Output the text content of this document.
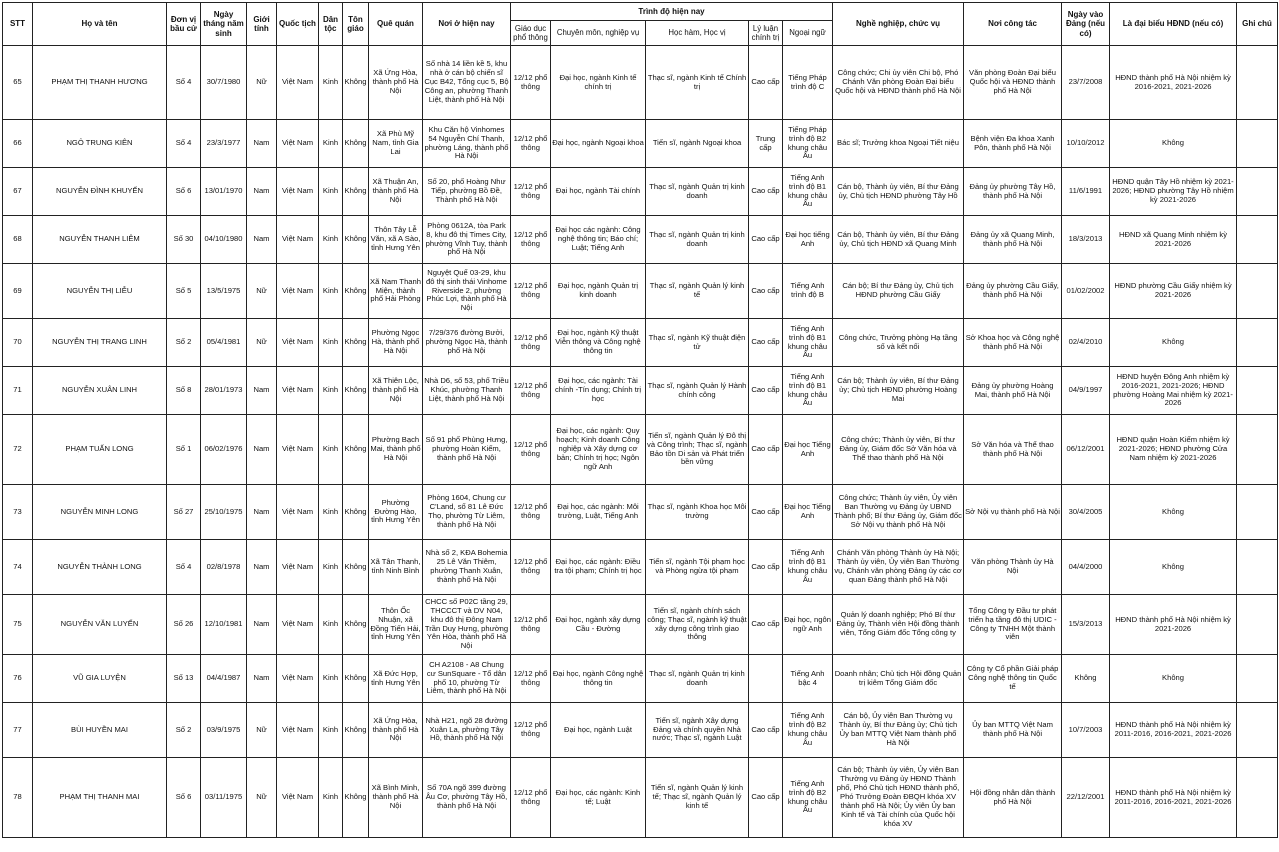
STT	Họ và tên	Đơn vị bầu cử	Ngày tháng năm sinh	Giới tính	Quốc tịch	Dân tộc	Tôn giáo	Quê quán	Nơi ở hiện nay	Trình độ hiện nay					Nghề nghiệp, chức vụ	Nơi công tác	Ngày vào Đảng (nếu có)	Là đại biểu HĐND (nếu có)	Ghi chú
										Giáo dục phổ thông	Chuyên môn, nghiệp vụ	Học hàm, Học vị	Lý luận chính trị	Ngoại ngữ					
65	PHẠM THỊ THANH HƯƠNG	Số 4	30/7/1980	Nữ	Việt Nam	Kinh	Không	Xã Ứng Hòa, thành phố Hà Nội	Số nhà 14 liền kề 5, khu nhà ở cán bộ chiến sĩ Cục B42, Tổng cục 5, Bộ Công an, phường Thanh Liệt, thành phố Hà Nội	12/12 phổ thông	Đại học, ngành Kinh tế chính trị	Thạc sĩ, ngành Kinh tế Chính trị	Cao cấp	Tiếng Pháp trình độ C	Công chức; Chi ủy viên Chi bộ, Phó Chánh Văn phòng Đoàn Đại biểu Quốc hội và HĐND thành phố Hà Nội	Văn phòng Đoàn Đại biểu Quốc hội và HĐND thành phố Hà Nội	23/7/2008	HĐND thành phố Hà Nội nhiệm kỳ 2016-2021, 2021-2026	
66	NGÔ TRUNG KIÊN	Số 4	23/3/1977	Nam	Việt Nam	Kinh	Không	Xã Phù Mỹ Nam, tỉnh Gia Lai	Khu Căn hộ Vinhomes 54 Nguyễn Chí Thanh, phường Láng, thành phố Hà Nội	12/12 phổ thông	Đại học, ngành Ngoại khoa	Tiến sĩ, ngành Ngoại khoa	Trung cấp	Tiếng Pháp trình độ B2 khung châu Âu	Bác sĩ; Trưởng khoa Ngoại Tiết niệu	Bệnh viện Đa khoa Xanh Pôn, thành phố Hà Nội	10/10/2012	Không	
67	NGUYỄN ĐÌNH KHUYẾN	Số 6	13/01/1970	Nam	Việt Nam	Kinh	Không	Xã Thuận An, thành phố Hà Nội	Số 20, phố Hoàng Như Tiếp, phường Bồ Đề, Thành phố Hà Nội	12/12 phổ thông	Đại học, ngành Tài chính	Thạc sĩ, ngành Quản trị kinh doanh	Cao cấp	Tiếng Anh trình độ B1 khung châu Âu	Cán bộ, Thành ủy viên, Bí thư Đảng ủy, Chủ tịch HĐND phường Tây Hồ	Đảng ủy phường Tây Hồ, thành phố Hà Nội	11/6/1991	HĐND quận Tây Hồ nhiệm kỳ 2021-2026; HĐND phường Tây Hồ nhiệm kỳ 2021-2026	
68	NGUYỄN THANH LIÊM	Số 30	04/10/1980	Nam	Việt Nam	Kinh	Không	Thôn Tây Lễ Văn, xã A Sào, tỉnh Hưng Yên	Phòng 0612A, tòa Park 8, khu đô thị Times City, phường Vĩnh Tuy, thành phố Hà Nội	12/12 phổ thông	Đại học các ngành: Công nghệ thông tin; Báo chí; Luật; Tiếng Anh	Thạc sĩ, ngành Quản trị kinh doanh	Cao cấp	Đại học tiếng Anh	Cán bộ, Thành ủy viên, Bí thư Đảng ủy, Chủ tịch HĐND xã Quang Minh	Đảng ủy xã Quang Minh, thành phố Hà Nội	18/3/2013	HĐND xã Quang Minh nhiệm kỳ 2021-2026	
69	NGUYỄN THỊ LIỄU	Số 5	13/5/1975	Nữ	Việt Nam	Kinh	Không	Xã Nam Thanh Miện, thành phố Hải Phòng	Nguyệt Quế 03-29, khu đô thị sinh thái Vinhome Riverside 2, phường Phúc Lợi, thành phố Hà Nội	12/12 phổ thông	Đại học, ngành Quản trị kinh doanh	Thạc sĩ, ngành Quản lý kinh tế	Cao cấp	Tiếng Anh trình độ B	Cán bộ; Bí thư Đảng ủy, Chủ tịch HĐND phường Cầu Giấy	Đảng ủy phường Cầu Giấy, thành phố Hà Nội	01/02/2002	HĐND phường Cầu Giấy nhiệm kỳ 2021-2026	
70	NGUYỄN THỊ TRANG LINH	Số 2	05/4/1981	Nữ	Việt Nam	Kinh	Không	Phường Ngọc Hà, thành phố Hà Nội	7/29/376 đường Bưởi, phường Ngọc Hà, thành phố Hà Nội	12/12 phổ thông	Đại học, ngành Kỹ thuật Viễn thông và Công nghệ thông tin	Thạc sĩ, ngành Kỹ thuật điện tử	Cao cấp	Tiếng Anh trình độ B1 khung châu Âu	Công chức, Trưởng phòng Hạ tầng số và kết nối	Sở Khoa học và Công nghệ thành phố Hà Nội	02/4/2010	Không	
71	NGUYỄN XUÂN LINH	Số 8	28/01/1973	Nam	Việt Nam	Kinh	Không	Xã Thiên Lộc, thành phố Hà Nội	Nhà D6, số 53, phố Triều Khúc, phường Thanh Liệt, thành phố Hà Nội	12/12 phổ thông	Đại học, các ngành: Tài chính -Tín dụng; Chính trị học	Thạc sĩ, ngành Quản lý Hành chính công	Cao cấp	Tiếng Anh trình độ B1 khung châu Âu	Cán bộ; Thành ủy viên, Bí thư Đảng ủy; Chủ tịch HĐND phường Hoàng Mai	Đảng ủy phường Hoàng Mai, thành phố Hà Nội	04/9/1997	HĐND huyện Đông Anh nhiệm kỳ 2016-2021, 2021-2026; HĐND phường Hoàng Mai nhiệm kỳ 2021-2026	
72	PHẠM TUẤN LONG	Số 1	06/02/1976	Nam	Việt Nam	Kinh	Không	Phường Bạch Mai, thành phố Hà Nội	Số 91 phố Phùng Hưng, phường Hoàn Kiếm, thành phố Hà Nội	12/12 phổ thông	Đại học, các ngành: Quy hoạch; Kinh doanh Công nghiệp và Xây dựng cơ bản; Chính trị học; Ngôn ngữ Anh	Tiến sĩ, ngành Quản lý Đô thị và Công trình; Thạc sĩ, ngành Bảo tồn Di sản và Phát triển bền vững	Cao cấp	Đại học Tiếng Anh	Công chức; Thành ủy viên, Bí thư Đảng ủy, Giám đốc Sở Văn hóa và Thể thao thành phố Hà Nội	Sở Văn hóa và Thể thao thành phố Hà Nội	06/12/2001	HĐND quận Hoàn Kiếm nhiệm kỳ 2021-2026; HĐND phường Cửa Nam nhiệm kỳ 2021-2026	
73	NGUYỄN MINH LONG	Số 27	25/10/1975	Nam	Việt Nam	Kinh	Không	Phường Đường Hào, tỉnh Hưng Yên	Phòng 1604, Chung cư C'Land, số 81 Lê Đức Thọ, phường Từ Liêm, thành phố Hà Nội	12/12 phổ thông	Đại học, các ngành: Môi trường, Luật, Tiếng Anh	Thạc sĩ, ngành Khoa học Môi trường	Cao cấp	Đại học Tiếng Anh	Công chức; Thành ủy viên, Ủy viên Ban Thường vụ Đảng ủy UBND Thành phố; Bí thư Đảng ủy, Giám đốc Sở Nội vụ thành phố Hà Nội	Sở Nội vụ thành phố Hà Nội	30/4/2005	Không	
74	NGUYỄN THÀNH LONG	Số 4	02/8/1978	Nam	Việt Nam	Kinh	Không	Xã Tân Thanh, tỉnh Ninh Bình	Nhà số 2, KĐA Bohemia 25 Lê Văn Thiêm, phường Thanh Xuân, thành phố Hà Nội	12/12 phổ thông	Đại học, các ngành: Điều tra tội phạm; Chính trị học	Tiến sĩ, ngành Tội phạm học và Phòng ngừa tội phạm	Cao cấp	Tiếng Anh trình độ B1 khung châu Âu	Chánh Văn phòng Thành ủy Hà Nội; Thành ủy viên, Ủy viên Ban Thường vụ, Chánh văn phòng Đảng ủy các cơ quan Đảng thành phố Hà Nội	Văn phòng Thành ủy Hà Nội	04/4/2000	Không	
75	NGUYỄN VĂN LUYẾN	Số 26	12/10/1981	Nam	Việt Nam	Kinh	Không	Thôn Ốc Nhuận, xã Đồng Tiến Hải, tỉnh Hưng Yên	CHCC số P02C tầng 29, THCCCT và DV N04, khu đô thị Đông Nam Trần Duy Hưng, phường Yên Hòa, thành phố Hà Nội	12/12 phổ thông	Đại học, ngành xây dựng Cầu - Đường	Tiến sĩ, ngành chính sách công; Thạc sĩ, ngành kỹ thuật xây dựng công trình giao thông	Cao cấp	Đại học, ngôn ngữ Anh	Quản lý doanh nghiệp; Phó Bí thư Đảng ủy, Thành viên Hội đồng thành viên, Tổng Giám đốc Tổng công ty	Tổng Công ty Đầu tư phát triển hạ tầng đô thị UDIC - Công ty TNHH Một thành viên	15/3/2013	HĐND thành phố Hà Nội nhiệm kỳ 2021-2026	
76	VŨ GIA LUYỆN	Số 13	04/4/1987	Nam	Việt Nam	Kinh	Không	Xã Đức Hợp, tỉnh Hưng Yên	CH A2108 - A8 Chung cư SunSquare - Tổ dân phố 10, phường Từ Liêm, thành phố Hà Nội	12/12 phổ thông	Đại học, ngành Công nghệ thông tin	Thạc sĩ, ngành Quản trị kinh doanh		Tiếng Anh bậc 4	Doanh nhân; Chủ tịch Hội đồng Quản trị kiêm Tổng Giám đốc	Công ty Cổ phần Giải pháp Công nghệ thông tin Quốc tế	Không	Không	
77	BÙI HUYỀN MAI	Số 2	03/9/1975	Nữ	Việt Nam	Kinh	Không	Xã Ứng Hòa, thành phố Hà Nội	Nhà H21, ngõ 28 đường Xuân La, phường Tây Hồ, thành phố Hà Nội	12/12 phổ thông	Đại học, ngành Luật	Tiến sĩ, ngành Xây dựng Đảng và chính quyền Nhà nước; Thạc sĩ, ngành Luật	Cao cấp	Tiếng Anh trình độ B2 khung châu Âu	Cán bộ, Ủy viên Ban Thường vụ Thành ủy, Bí thư Đảng ủy; Chủ tịch Ủy ban MTTQ Việt Nam thành phố Hà Nội	Ủy ban MTTQ Việt Nam thành phố Hà Nội	10/7/2003	HĐND thành phố Hà Nội nhiệm kỳ 2011-2016, 2016-2021, 2021-2026	
78	PHẠM THỊ THANH MAI	Số 6	03/11/1975	Nữ	Việt Nam	Kinh	Không	Xã Bình Minh, thành phố Hà Nội	Số 70A ngõ 399 đường Âu Cơ, phường Tây Hồ, thành phố Hà Nội	12/12 phổ thông	Đại học, các ngành: Kinh tế; Luật	Tiến sĩ, ngành Quản lý kinh tế; Thạc sĩ, ngành Quản lý kinh tế	Cao cấp	Tiếng Anh trình độ B2 khung châu Âu	Cán bộ; Thành ủy viên, Ủy viên Ban Thường vụ Đảng ủy HĐND Thành phố, Phó Chủ tịch HĐND thành phố, Phó Trưởng Đoàn ĐBQH khóa XV thành phố Hà Nội; Ủy viên Ủy ban Kinh tế và Tài chính của Quốc hội khóa XV	Hội đồng nhân dân thành phố Hà Nội	22/12/2001	HĐND thành phố Hà Nội nhiệm kỳ 2011-2016, 2016-2021, 2021-2026	
